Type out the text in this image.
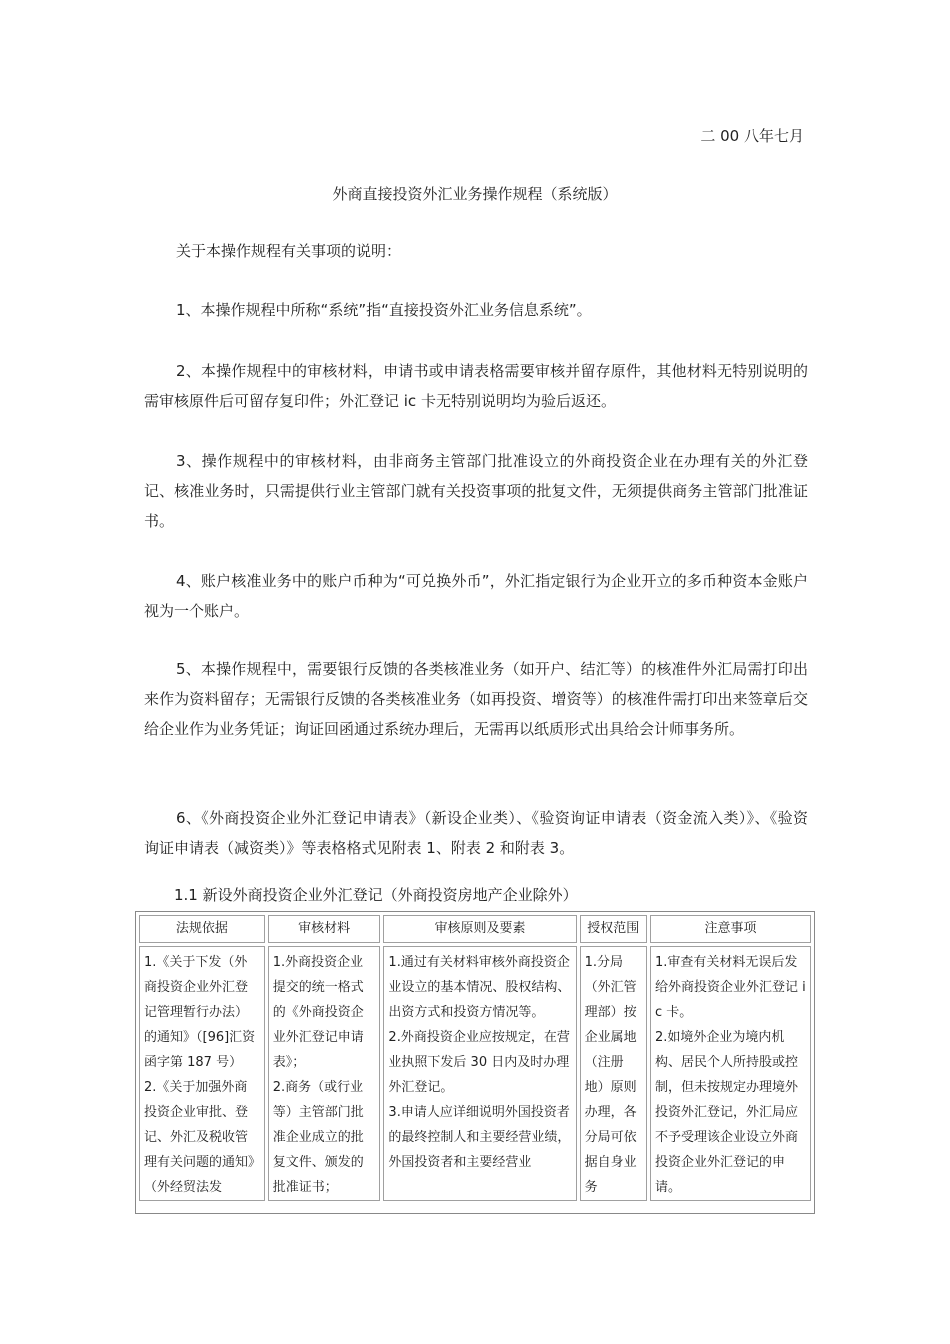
二 00 八年七月
外商直接投资外汇业务操作规程（系统版）
关于本操作规程有关事项的说明：
1、本操作规程中所称“系统”指“直接投资外汇业务信息系统”。
2、本操作规程中的审核材料，申请书或申请表格需要审核并留存原件，其他材料无特别说明的需审核原件后可留存复印件；外汇登记 ic 卡无特别说明均为验后返还。
3、操作规程中的审核材料，由非商务主管部门批准设立的外商投资企业在办理有关的外汇登记、核准业务时，只需提供行业主管部门就有关投资事项的批复文件，无须提供商务主管部门批准证书。
4、账户核准业务中的账户币种为“可兑换外币”，外汇指定银行为企业开立的多币种资本金账户视为一个账户。
5、本操作规程中，需要银行反馈的各类核准业务（如开户、结汇等）的核准件外汇局需打印出来作为资料留存；无需银行反馈的各类核准业务（如再投资、增资等）的核准件需打印出来签章后交给企业作为业务凭证；询证回函通过系统办理后，无需再以纸质形式出具给会计师事务所。
6、《外商投资企业外汇登记申请表》（新设企业类）、《验资询证申请表（资金流入类）》、《验资询证申请表（减资类）》等表格格式见附表 1、附表 2 和附表 3。
1.1 新设外商投资企业外汇登记（外商投资房地产企业除外）
法规依据	审核材料	审核原则及要素	授权范围	注意事项

1.《关于下发（外商投资企业外汇登记管理暂行办法）的通知》（[96]汇资函字第 187 号）
2.《关于加强外商投资企业审批、登记、外汇及税收管理有关问题的通知》（外经贸法发	1.外商投资企业提交的统一格式的《外商投资企业外汇登记申请表》；
2.商务（或行业等）主管部门批准企业成立的批复文件、颁发的批准证书；	1.通过有关材料审核外商投资企业设立的基本情况、股权结构、出资方式和投资方情况等。
2.外商投资企业应按规定，在营业执照下发后 30 日内及时办理外汇登记。
3.申请人应详细说明外国投资者的最终控制人和主要经营业绩，外国投资者和主要经营业	1.分局（外汇管理部）按企业属地（注册地）原则办理，各分局可依据自身业务	1.审查有关材料无误后发给外商投资企业外汇登记 ic 卡。
2.如境外企业为境内机构、居民个人所持股或控制，但未按规定办理境外投资外汇登记，外汇局应不予受理该企业设立外商投资企业外汇登记的申请。
